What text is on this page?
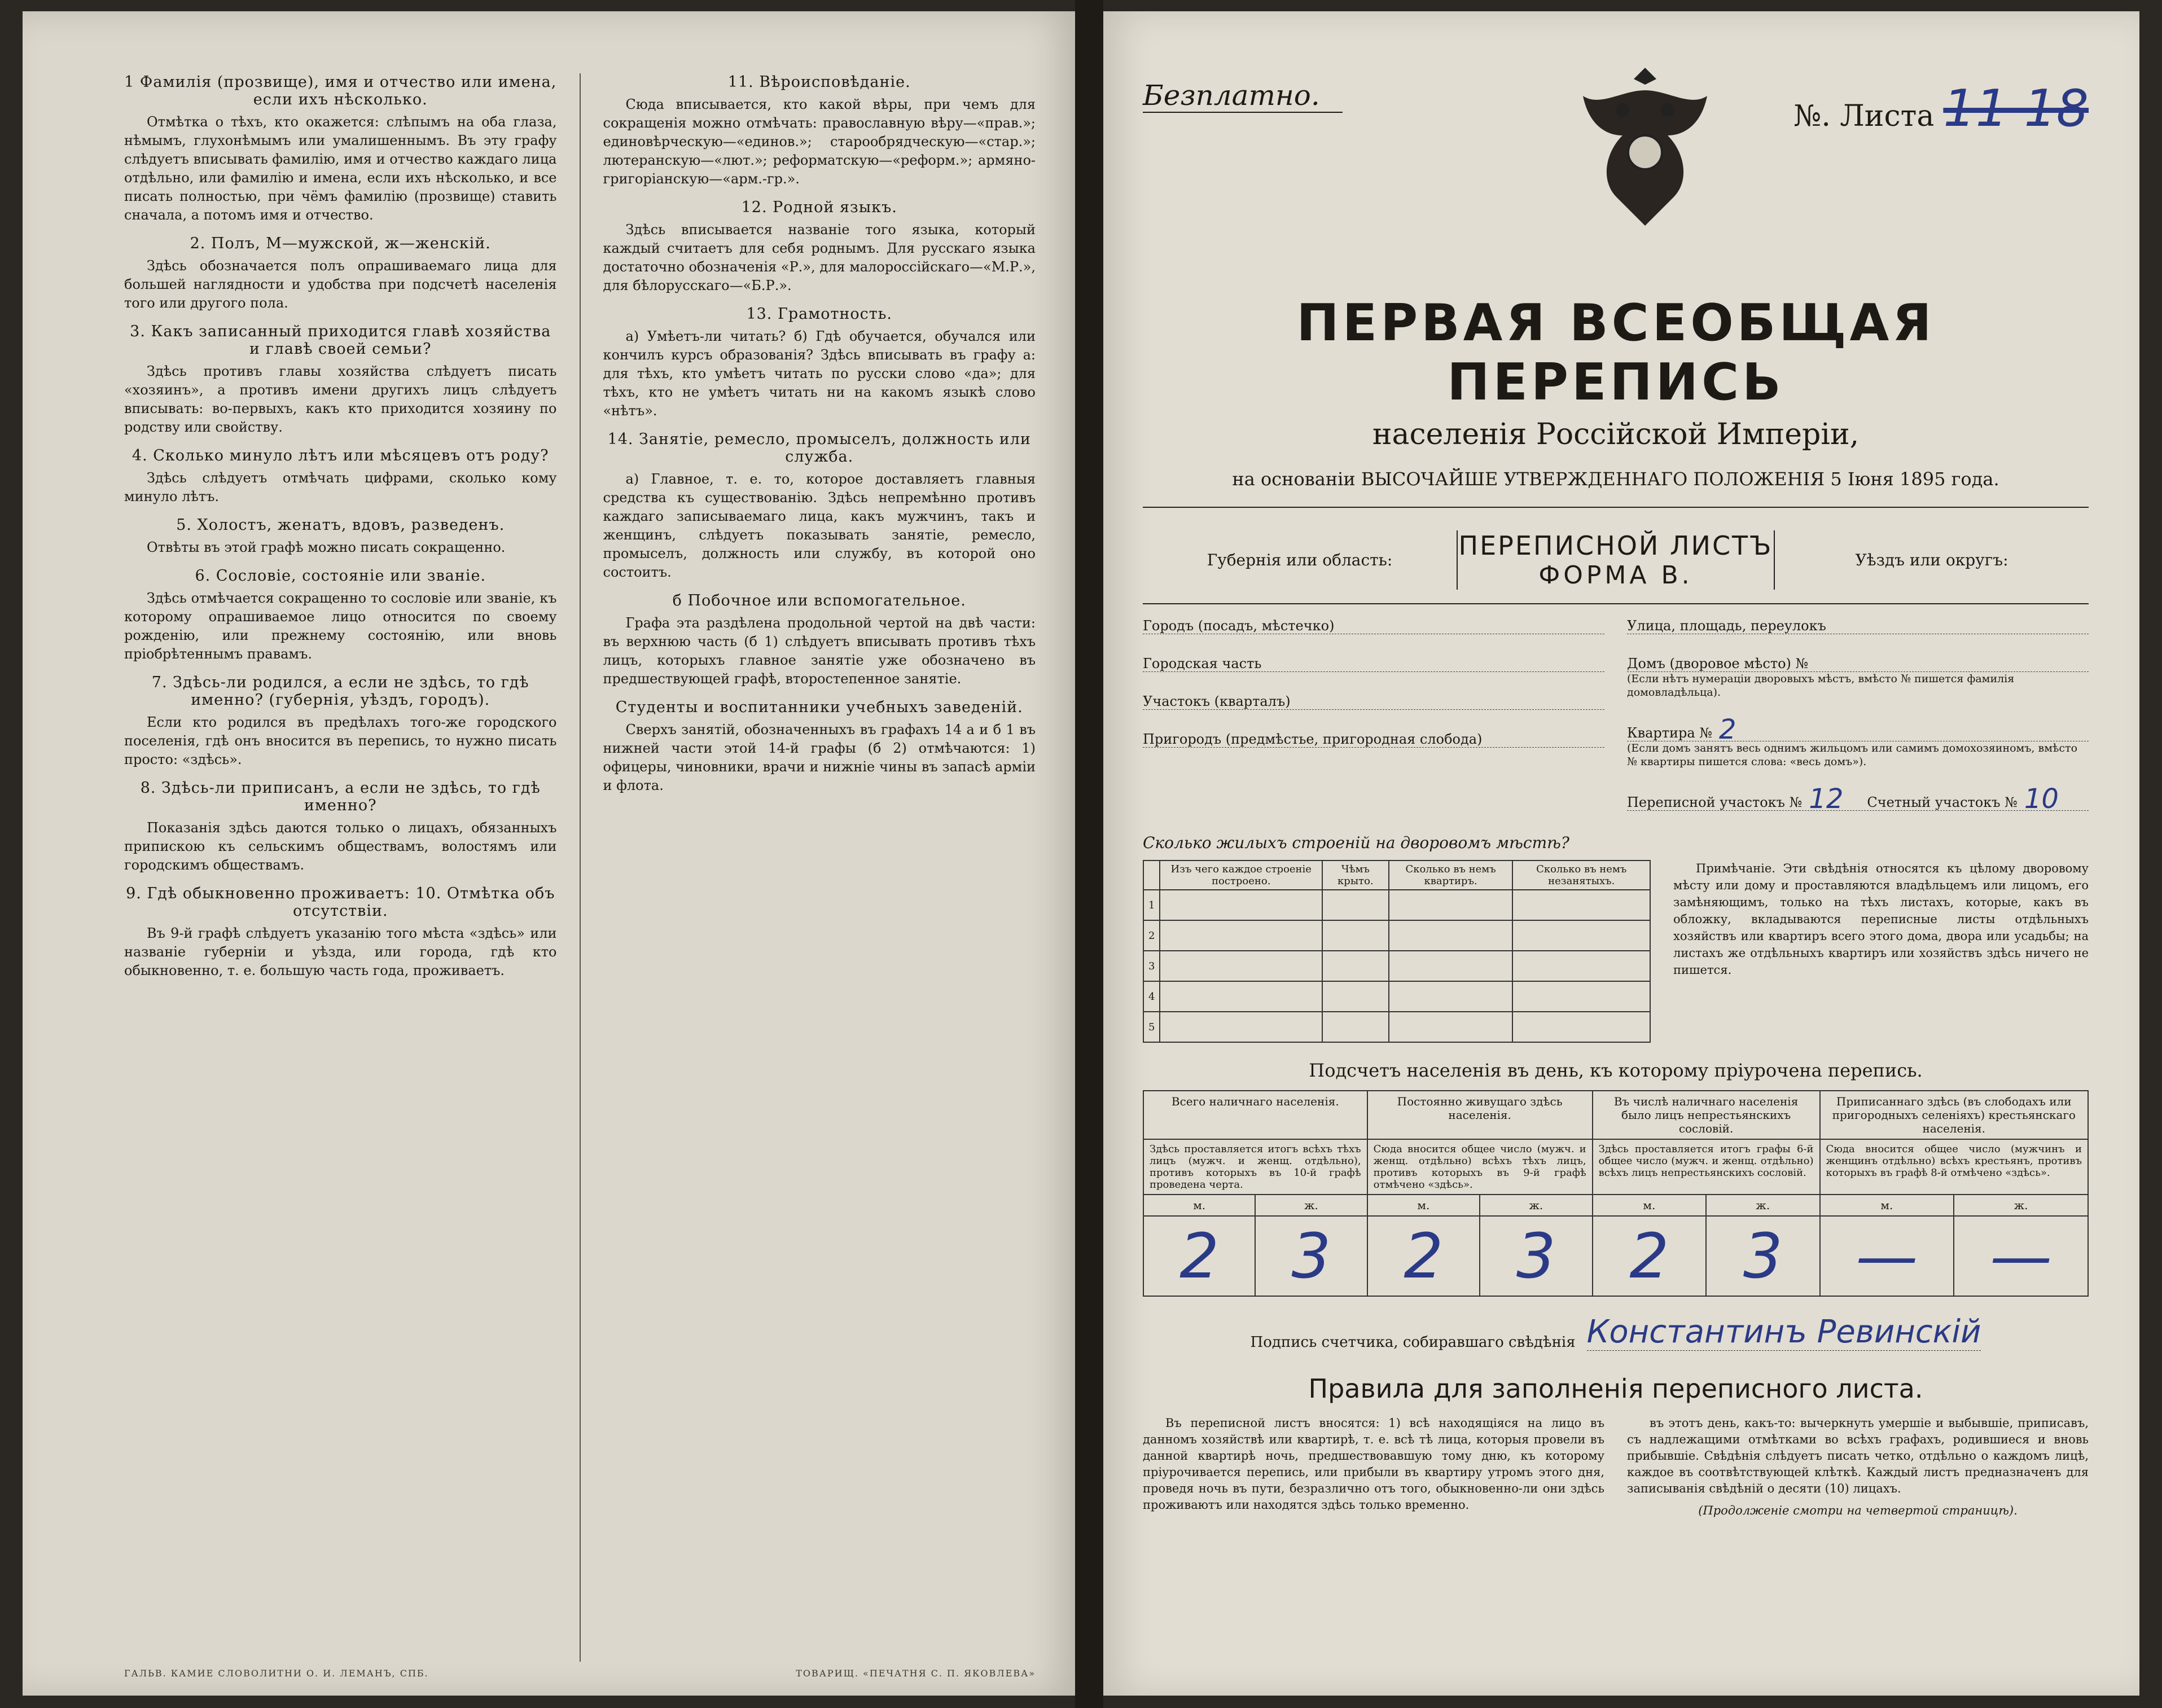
1 Фамилія (прозвище), имя и отчество или имена, если ихъ нѣсколько.

Отмѣтка о тѣхъ, кто окажется: слѣпымъ на оба глаза, нѣмымъ, глухонѣмымъ или умалишеннымъ. Въ эту графу слѣдуетъ вписывать фамилію, имя и отчество каждаго лица отдѣльно, или фамилію и имена, если ихъ нѣсколько, и все писать полностью, при чёмъ фамилію (прозвище) ставить сначала, а потомъ имя и отчество.

2. Полъ, М—мужской, ж—женскій.

Здѣсь обозначается полъ опрашиваемаго лица для большей наглядности и удобства при подсчетѣ населенія того или другого пола.

3. Какъ записанный приходится главѣ хозяйства и главѣ своей семьи?

Здѣсь противъ главы хозяйства слѣдуетъ писать «хозяинъ», а противъ имени другихъ лицъ слѣдуетъ вписывать: во-первыхъ, какъ кто приходится хозяину по родству или свойству.

4. Сколько минуло лѣтъ или мѣсяцевъ отъ роду?

Здѣсь слѣдуетъ отмѣчать цифрами, сколько кому минуло лѣтъ.

5. Холостъ, женатъ, вдовъ, разведенъ.

Отвѣты въ этой графѣ можно писать сокращенно.

6. Сословіе, состояніе или званіе.

Здѣсь отмѣчается сокращенно то сословіе или званіе, къ которому опрашиваемое лицо относится по своему рожденію, или прежнему состоянію, или вновь пріобрѣтеннымъ правамъ.

7. Здѣсь-ли родился, а если не здѣсь, то гдѣ именно? (губернія, уѣздъ, городъ).

Если кто родился въ предѣлахъ того-же городского поселенія, гдѣ онъ вносится въ перепись, то нужно писать просто: «здѣсь».

8. Здѣсь-ли приписанъ, а если не здѣсь, то гдѣ именно?

Показанія здѣсь даются только о лицахъ, обязанныхъ припискою къ сельскимъ обществамъ, волостямъ или городскимъ обществамъ.

9. Гдѣ обыкновенно проживаетъ: 10. Отмѣтка объ отсутствіи.

Въ 9-й графѣ слѣдуетъ указанію того мѣста «здѣсь» или названіе губерніи и уѣзда, или города, гдѣ кто обыкновенно, т. е. большую часть года, проживаетъ.

11. Вѣроисповѣданіе.

Сюда вписывается, кто какой вѣры, при чемъ для сокращенія можно отмѣчать: православную вѣру—«прав.»; единовѣрческую—«единов.»; старообрядческую—«стар.»; лютеранскую—«лют.»; реформатскую—«реформ.»; армяно-григоріанскую—«арм.-гр.».

12. Родной языкъ.

Здѣсь вписывается названіе того языка, который каждый считаетъ для себя роднымъ. Для русскаго языка достаточно обозначенія «Р.», для малороссійскаго—«М.Р.», для бѣлорусскаго—«Б.Р.».

13. Грамотность.

а) Умѣетъ-ли читать? б) Гдѣ обучается, обучался или кончилъ курсъ образованія? Здѣсь вписывать въ графу а: для тѣхъ, кто умѣетъ читать по русски слово «да»; для тѣхъ, кто не умѣетъ читать ни на какомъ языкѣ слово «нѣтъ».

14. Занятіе, ремесло, промыселъ, должность или служба.

а) Главное, т. е. то, которое доставляетъ главныя средства къ существованію. Здѣсь непремѣнно противъ каждаго записываемаго лица, какъ мужчинъ, такъ и женщинъ, слѣдуетъ показывать занятіе, ремесло, промыселъ, должность или службу, въ которой оно состоитъ.

б Побочное или вспомогательное.

Графа эта раздѣлена продольной чертой на двѣ части: въ верхнюю часть (б 1) слѣдуетъ вписывать противъ тѣхъ лицъ, которыхъ главное занятіе уже обозначено въ предшествующей графѣ, второстепенное занятіе.

Студенты и воспитанники учебныхъ заведеній.

Сверхъ занятій, обозначенныхъ въ графахъ 14 а и б 1 въ нижней части этой 14-й графы (б 2) отмѣчаются: 1) офицеры, чиновники, врачи и нижніе чины въ запасѣ арміи и флота.

ГАЛЬВ. КАМИЕ СЛОВОЛИТНИ О. И. ЛЕМАНЪ, СПБ.	ТОВАРИЩ. «ПЕЧАТНЯ С. П. ЯКОВЛЕВА»
Безплатно.
№. Листа 11 18
ПЕРВАЯ ВСЕОБЩАЯ ПЕРЕПИСЬ

населенія Россійской Имперіи,

на основаніи ВЫСОЧАЙШЕ УТВЕРЖДЕННАГО ПОЛОЖЕНІЯ 5 Іюня 1895 года.
Губернія или область:	ПЕРЕПИСНОЙ ЛИСТЪ
ФОРМА В.
Уѣздъ или округъ:
Городъ (посадъ, мѣстечко)
Городская часть
Участокъ (кварталъ)
Пригородъ (предмѣстье, пригородная слобода)
Улица, площадь, переулокъ
Домъ (дворовое мѣсто) №
(Если нѣтъ нумераціи дворовыхъ мѣстъ, вмѣсто № пишется фамилія домовладѣльца).
Квартира № 2
(Если домъ занятъ весь однимъ жильцомъ или самимъ домохозяиномъ, вмѣсто № квартиры пишется слова: «весь домъ»).
Переписной участокъ № 12 Счетный участокъ № 10
Сколько жилыхъ строеній на дворовомъ мѣстѣ?
	Изъ чего каждое строеніе построено.	Чѣмъ крыто.	Сколько въ немъ квартиръ.	Сколько въ немъ незанятыхъ.
1				
2				
3				
4				
5				
Примѣчаніе. Эти свѣдѣнія относятся къ цѣлому дворовому мѣсту или дому и проставляются владѣльцемъ или лицомъ, его замѣняющимъ, только на тѣхъ листахъ, которые, какъ въ обложку, вкладываются переписные листы отдѣльныхъ хозяйствъ или квартиръ всего этого дома, двора или усадьбы; на листахъ же отдѣльныхъ квартиръ или хозяйствъ здѣсь ничего не пишется.
Подсчетъ населенія въ день, къ которому пріурочена перепись.
Всего наличнаго населенія.		Постоянно живущаго здѣсь населенія.		Въ числѣ наличнаго населенія было лицъ непрестьянскихъ сословій.		Приписаннаго здѣсь (въ слободахъ или пригородныхъ селеніяхъ) крестьянскаго населенія.	
Здѣсь проставляется итогъ всѣхъ тѣхъ лицъ (мужч. и женщ. отдѣльно), противъ которыхъ въ 10-й графѣ проведена черта.		Сюда вносится общее число (мужч. и женщ. отдѣльно) всѣхъ тѣхъ лицъ, противъ которыхъ въ 9-й графѣ отмѣчено «здѣсь».		Здѣсь проставляется итогъ графы 6-й общее число (мужч. и женщ. отдѣльно) всѣхъ лицъ непрестьянскихъ сословій.		Сюда вносится общее число (мужчинъ и женщинъ отдѣльно) всѣхъ крестьянъ, противъ которыхъ въ графѣ 8-й отмѣчено «здѣсь».	
м.	ж.	м.	ж.	м.	ж.	м.	ж.
2	3	2	3	2	3	—	—
Подпись счетчика, собиравшаго свѣдѣнія Константинъ Ревинскій
Правила для заполненія переписного листа.

Въ переписной листъ вносятся: 1) всѣ находящіяся на лицо въ данномъ хозяйствѣ или квартирѣ, т. е. всѣ тѣ лица, которыя провели въ данной квартирѣ ночь, предшествовавшую тому дню, къ которому пріурочивается перепись, или прибыли въ квартиру утромъ этого дня, проведя ночь въ пути, безразлично отъ того, обыкновенно-ли они здѣсь проживаютъ или находятся здѣсь только временно.

въ этотъ день, какъ-то: вычеркнуть умершіе и выбывшіе, приписавъ, съ надлежащими отмѣтками во всѣхъ графахъ, родившиеся и вновь прибывшіе. Свѣдѣнія слѣдуетъ писать четко, отдѣльно о каждомъ лицѣ, каждое въ соотвѣтствующей клѣткѣ. Каждый листъ предназначенъ для записыванія свѣдѣній о десяти (10) лицахъ.

(Продолженіе смотри на четвертой страницѣ).
